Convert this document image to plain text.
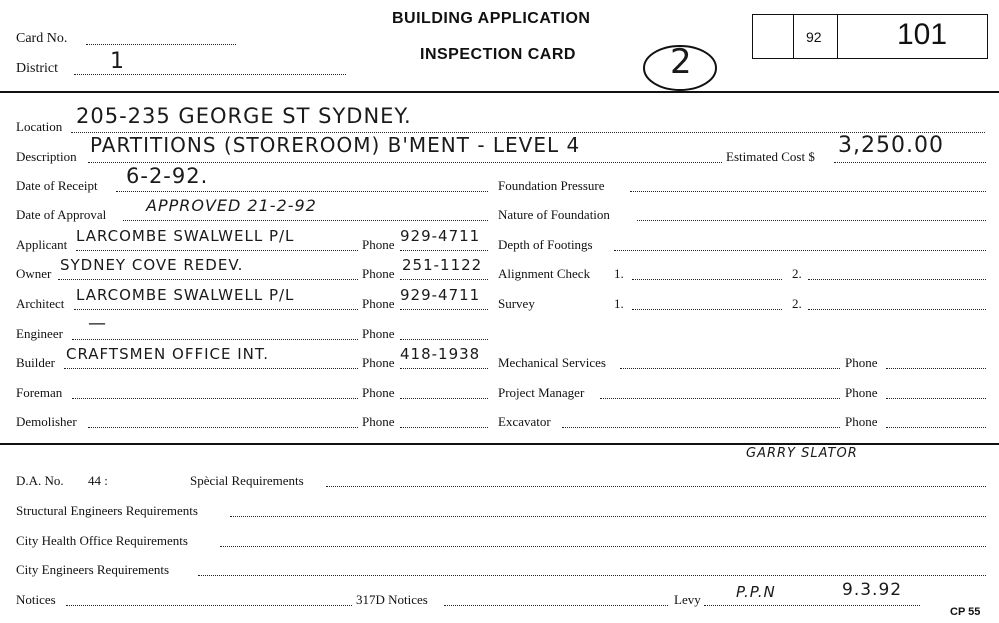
Card No.
District 1
BUILDING APPLICATION
INSPECTION CARD	2
92	101
Location 205-235 GEORGE ST SYDNEY.
Description PARTITIONS (STOREROOM) B'MENT - LEVEL 4	Estimated Cost $ 3,250.00
Date of Receipt 6-2-92.
Date of Approval APPROVED 21-2-92
Applicant LARCOMBE SWALWELL P/L	Phone 929-4711
Owner SYDNEY COVE REDEV.	Phone 251-1122
Architect LARCOMBE SWALWELL P/L	Phone 929-4711
Engineer —	Phone
Builder CRAFTSMEN OFFICE INT.	Phone 418-1938
Foreman	Phone
Demolisher	Phone
Foundation Pressure
Nature of Foundation
Depth of Footings
Alignment Check 1.	2.
Survey	1.	2.
Mechanical Services	Phone
Project Manager	Phone
Excavator	Phone
GARRY SLATOR
D.A. No. 44 :	Spècial Requirements
Structural Engineers Requirements
City Health Office Requirements
City Engineers Requirements
Notices	317D Notices	Levy P.P.N	9.3.92
CP 55
